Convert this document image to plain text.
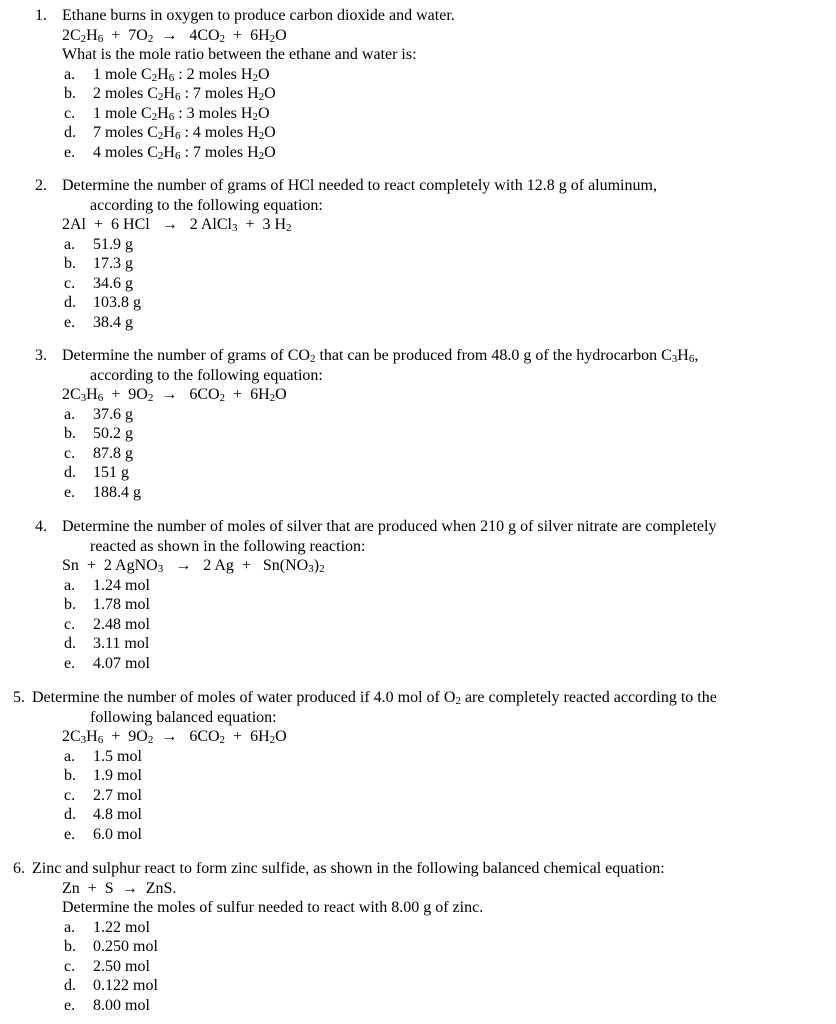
1. Ethane burns in oxygen to produce carbon dioxide and water.
$2C_2H_6 + 7O_2 \to 4CO_2 + 6H_2O$
What is the mole ratio between the ethane and water is:
a. 1 mole $C_2H_6$ : 2 moles $H_2O$
b. 2 moles $C_2H_6$ : 7 moles $H_2O$
c. 1 mole $C_2H_6$ : 3 moles $H_2O$
d. 7 moles $C_2H_6$ : 4 moles $H_2O$
e. 4 moles $C_2H_6$ : 7 moles $H_2O$
2. Determine the number of grams of HCl needed to react completely with 12.8 g of aluminum,
according to the following equation:
2Al  +  6 HCl   →   2 AlCl$_3$  +  3 $H_2$
a. 51.9 g
b. 17.3 g
c. 34.6 g
d. 103.8 g
e. 38.4 g
3. Determine the number of grams of $CO_2$ that can be produced from 48.0 g of the hydrocarbon $C_3H_6$,
according to the following equation:
$2C_3H_6 + 9O_2 \to 6CO_2 + 6H_2O$
a. 37.6 g
b. 50.2 g
c. 87.8 g
d. 151 g
e. 188.4 g
4. Determine the number of moles of silver that are produced when 210 g of silver nitrate are completely
reacted as shown in the following reaction:
Sn  +  2 AgNO$_3$   →   2 $Ag + Sn(NO_3)_2$
a. 1.24 mol
b. 1.78 mol
c. 2.48 mol
d. 3.11 mol
e. 4.07 mol
5. Determine the number of moles of water produced if 4.0 mol of $O_2$ are completely reacted according to the
following balanced equation:
$2C_3H_6 + 9O_2 \to 6CO_2 + 6H_2O$
a. 1.5 mol
b. 1.9 mol
c. 2.7 mol
d. 4.8 mol
e. 6.0 mol
6. Zinc and sulphur react to form zinc sulfide, as shown in the following balanced chemical equation:
Zn  +  S  →  ZnS.
Determine the moles of sulfur needed to react with 8.00 g of zinc.
a. 1.22 mol
b. 0.250 mol
c. 2.50 mol
d. 0.122 mol
e. 8.00 mol
